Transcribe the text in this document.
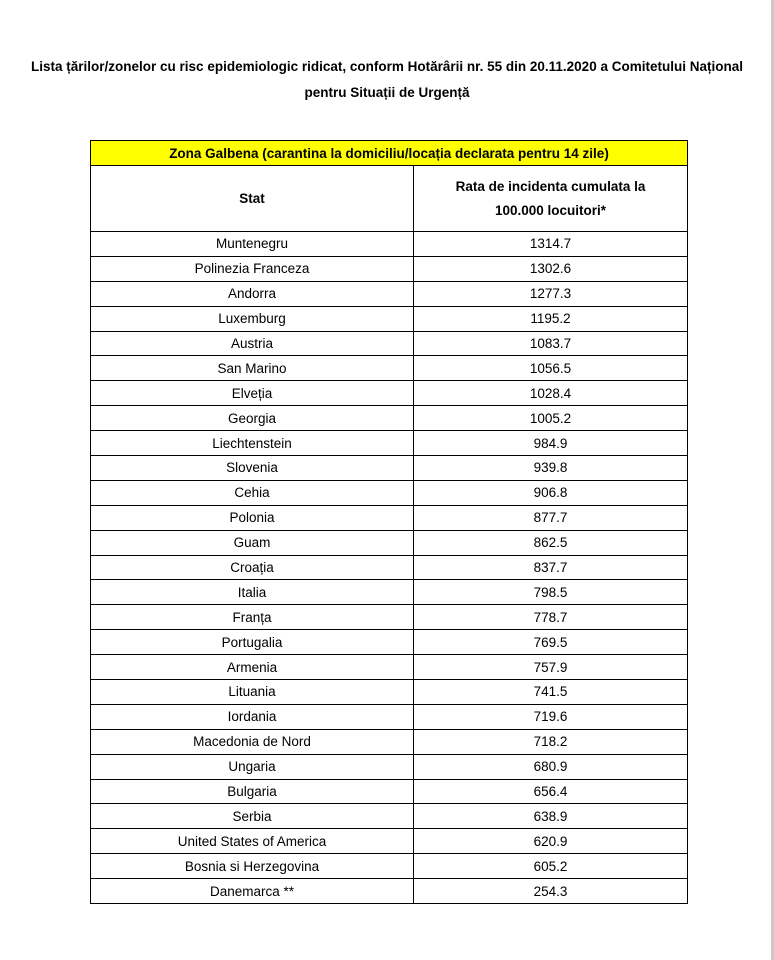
Lista țărilor/zonelor cu risc epidemiologic ridicat, conform Hotărârii nr. 55 din 20.11.2020 a Comitetului Național
pentru Situații de Urgență
Zona Galbena (carantina la domiciliu/locația declarata pentru 14 zile)	
Stat	Rata de incidenta cumulata la
100.000 locuitori*

Muntenegru	1314.7
Polinezia Franceza	1302.6
Andorra	1277.3
Luxemburg	1195.2
Austria	1083.7
San Marino	1056.5
Elveția	1028.4
Georgia	1005.2
Liechtenstein	984.9
Slovenia	939.8
Cehia	906.8
Polonia	877.7
Guam	862.5
Croația	837.7
Italia	798.5
Franța	778.7
Portugalia	769.5
Armenia	757.9
Lituania	741.5
Iordania	719.6
Macedonia de Nord	718.2
Ungaria	680.9
Bulgaria	656.4
Serbia	638.9
United States of America	620.9
Bosnia si Herzegovina	605.2
Danemarca **	254.3
